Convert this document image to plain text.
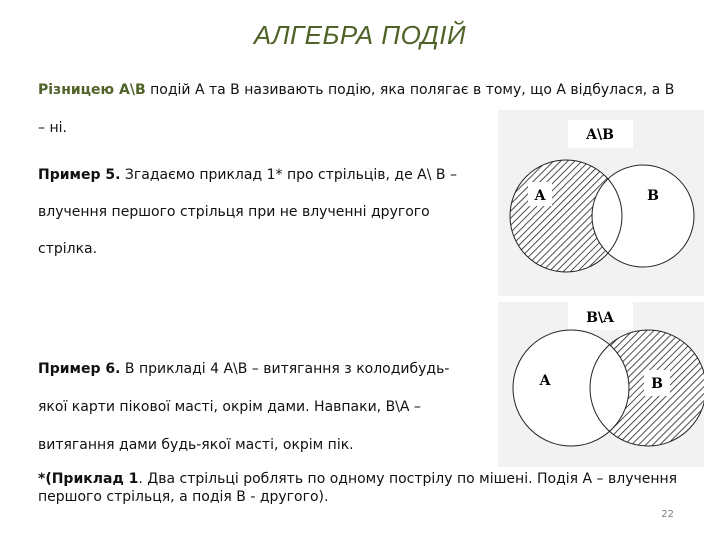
АЛГЕБРА ПОДІЙ

Різницею A\B подій А та В називають подію, яка полягає в тому, що А відбулася, а В
– ні.

Пример 5. Згадаємо приклад 1* про стрільців, де А\ В –
влучення першого стрільця при не влученні другого
стрілка.

Пример 6. В прикладі 4 A\B – витягання з колодибудь-
якої карти пікової масті, окрім дами. Навпаки, B\A –
витягання дами будь-якої масті, окрім пік.

*(Приклад 1. Два стрільці роблять по одному пострілу по мішені. Подія А – влучення першого стрільця, а подія В - другого).

A\B
A	B
B\A
A	B
22
